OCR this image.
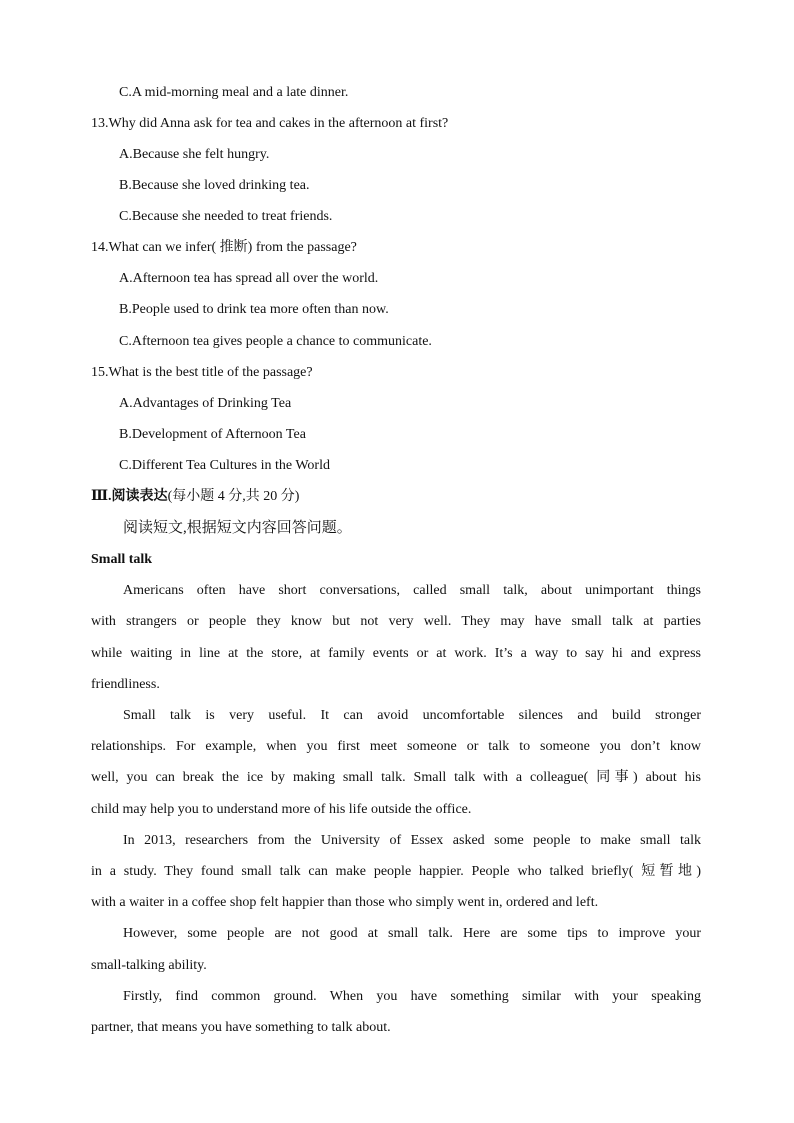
C.A mid-morning meal and a late dinner.
13.Why did Anna ask for tea and cakes in the afternoon at first?
A.Because she felt hungry.
B.Because she loved drinking tea.
C.Because she needed to treat friends.
14.What can we infer( 推断) from the passage?
A.Afternoon tea has spread all over the world.
B.People used to drink tea more often than now.
C.Afternoon tea gives people a chance to communicate.
15.What is the best title of the passage?
A.Advantages of Drinking Tea
B.Development of Afternoon Tea
C.Different Tea Cultures in the World
Ⅲ.阅读表达(每小题 4 分,共 20 分)
阅读短文,根据短文内容回答问题。
Small talk
Americans often have short conversations, called small talk, about unimportant things
with strangers or people they know but not very well. They may have small talk at parties
while waiting in line at the store, at family events or at work. It’s a way to say hi and express
friendliness.
Small talk is very useful. It can avoid uncomfortable silences and build stronger
relationships. For example, when you first meet someone or talk to someone you don’t know
well, you can break the ice by making small talk. Small talk with a colleague( 同事) about his
child may help you to understand more of his life outside the office.
In 2013, researchers from the University of Essex asked some people to make small talk
in a study. They found small talk can make people happier. People who talked briefly( 短暂地)
with a waiter in a coffee shop felt happier than those who simply went in, ordered and left.
However, some people are not good at small talk. Here are some tips to improve your
small-talking ability.
Firstly, find common ground. When you have something similar with your speaking
partner, that means you have something to talk about.
